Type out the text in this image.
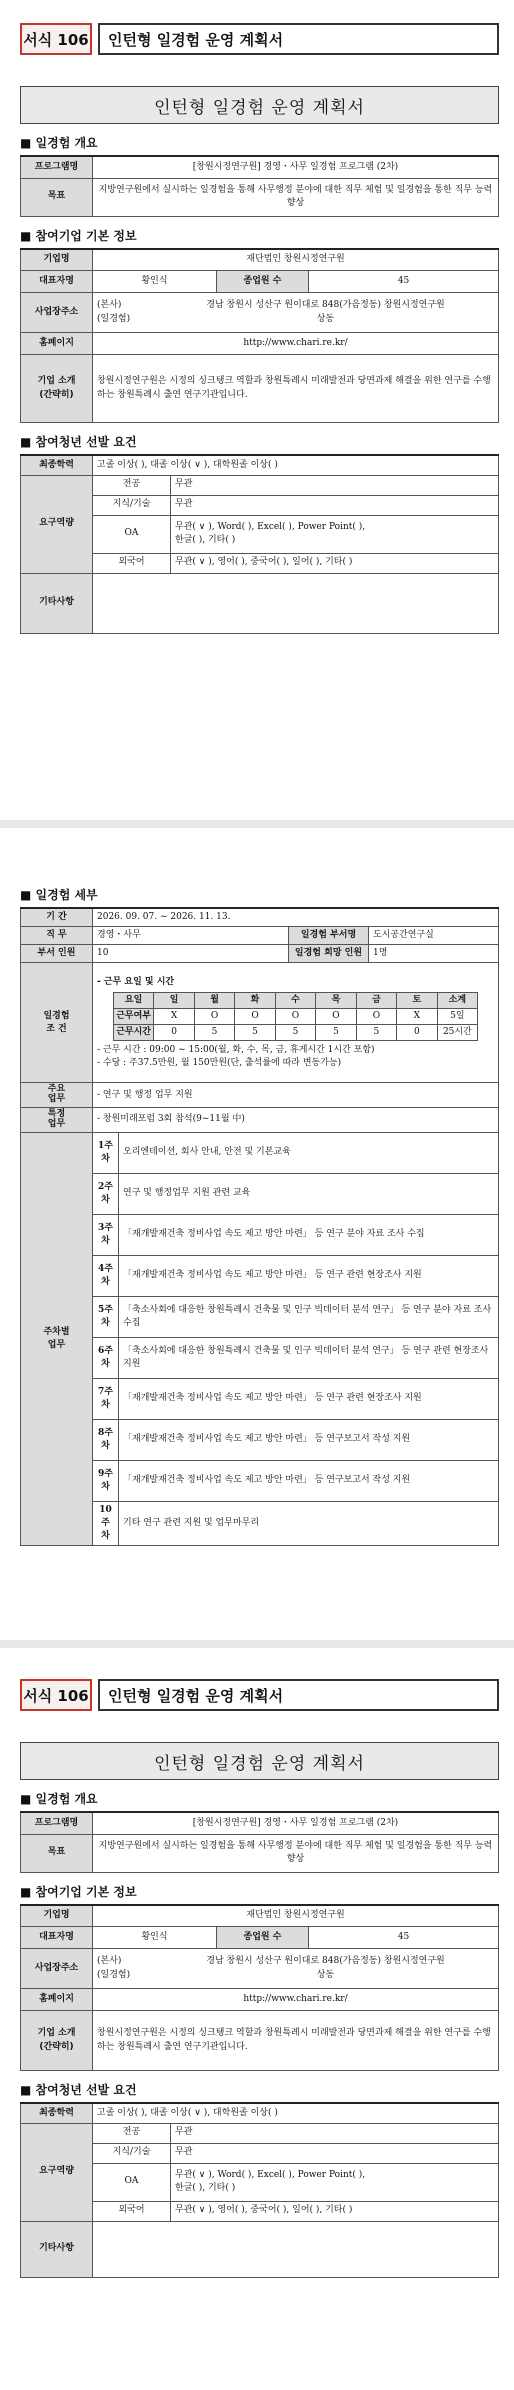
서식 106	인턴형 일경험 운영 계획서
인턴형 일경험 운영 계획서
■ 일경험 개요
프로그램명	[창원시정연구원] 경영・사무 일경험 프로그램 (2차)
목표	지방연구원에서 실시하는 일경험을 통해 사무행정 분야에 대한 직무 체험 및 일경험을 통한 직무 능력 향상
■ 참여기업 기본 정보
기업명	재단법인 창원시정연구원		
대표자명	황인식	종업원 수	45
사업장주소	(본사) 경남 창원시 성산구 원이대로 848(가음정동) 창원시정연구원
(일경험) 상동		

홈페이지	http://www.chari.re.kr/		
기업 소개
(간략히)	창원시정연구원은 시정의 싱크탱크 역할과 창원특례시 미래발전과 당면과제 해결을 위한 연구를 수행하는 창원특례시 출연 연구기관입니다.		
■ 참여청년 선발 요건
최종학력	고졸 이상( ), 대졸 이상( ∨ ), 대학원졸 이상( )	
요구역량	전공	무관
	지식/기술	무관
	OA	무관( ∨ ), Word( ), Excel( ), Power Point( ),
한글( ), 기타( )

	외국어	무관( ∨ ), 영어( ), 중국어( ), 일어( ), 기타( )
기타사항		
■ 일경험 세부
기 간	2026. 09. 07. ~ 2026. 11. 13.
직 무	경영・사무	일경험 부서명	도시공간연구실
부서 인원	10	일경험 희망 인원	1명
일경험
조 건	
- 근무 요일 및 시간
요일	일	월	화	수	목	금	토	소계
근무여부	X	O	O	O	O	O	X	5일
근무시간	0	5	5	5	5	5	0	25시간
- 근무 시간 : 09:00 ~ 15:00(월, 화, 수, 목, 금, 휴게시간 1시간 포함)
- 수당 : 주37.5만원, 월 150만원(단, 출석률에 따라 변동가능)

주요
업무	- 연구 및 행정 업무 지원
특정
업무	- 창원미래포럼 3회 참석(9~11월 中)
주차별
업무	1주차	오리엔테이션, 회사 안내, 안전 및 기본교육
2주차	연구 및 행정업무 지원 관련 교육
3주차	「재개발재건축 정비사업 속도 제고 방안 마련」 등 연구 분야 자료 조사 수집
4주차	「재개발재건축 정비사업 속도 제고 방안 마련」 등 연구 관련 현장조사 지원
5주차	「축소사회에 대응한 창원특례시 건축물 및 인구 빅데이터 분석 연구」 등 연구 분야 자료 조사 수집
6주차	「축소사회에 대응한 창원특례시 건축물 및 인구 빅데이터 분석 연구」 등 연구 관련 현장조사 지원
7주차	「재개발재건축 정비사업 속도 제고 방안 마련」 등 연구 관련 현장조사 지원
8주차	「재개발재건축 정비사업 속도 제고 방안 마련」 등 연구보고서 작성 지원
9주차	「재개발재건축 정비사업 속도 제고 방안 마련」 등 연구보고서 작성 지원
10주차	기타 연구 관련 지원 및 업무마무리
서식 106	인턴형 일경험 운영 계획서
인턴형 일경험 운영 계획서
■ 일경험 개요
프로그램명	[창원시정연구원] 경영・사무 일경험 프로그램 (2차)
목표	지방연구원에서 실시하는 일경험을 통해 사무행정 분야에 대한 직무 체험 및 일경험을 통한 직무 능력 향상
■ 참여기업 기본 정보
기업명	재단법인 창원시정연구원		
대표자명	황인식	종업원 수	45
사업장주소	(본사) 경남 창원시 성산구 원이대로 848(가음정동) 창원시정연구원
(일경험) 상동		

홈페이지	http://www.chari.re.kr/		
기업 소개
(간략히)	창원시정연구원은 시정의 싱크탱크 역할과 창원특례시 미래발전과 당면과제 해결을 위한 연구를 수행하는 창원특례시 출연 연구기관입니다.		
■ 참여청년 선발 요건
최종학력	고졸 이상( ), 대졸 이상( ∨ ), 대학원졸 이상( )	
요구역량	전공	무관
	지식/기술	무관
	OA	무관( ∨ ), Word( ), Excel( ), Power Point( ),
한글( ), 기타( )

	외국어	무관( ∨ ), 영어( ), 중국어( ), 일어( ), 기타( )
기타사항		
